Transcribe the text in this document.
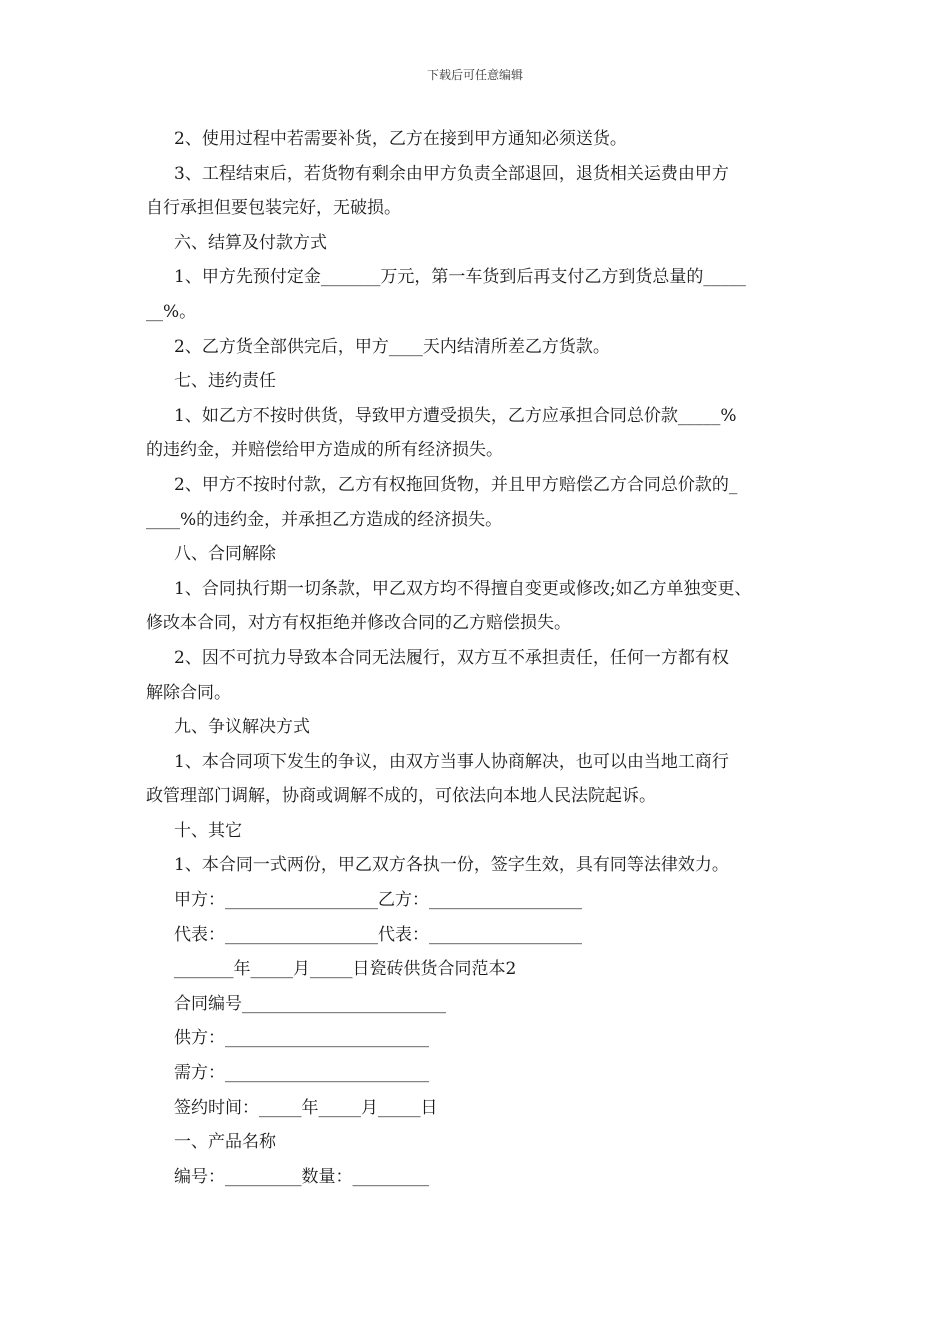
下载后可任意编辑
2、使用过程中若需要补货，乙方在接到甲方通知必须送货。
3、工程结束后，若货物有剩余由甲方负责全部退回，退货相关运费由甲方
自行承担但要包装完好，无破损。
六、结算及付款方式
1、甲方先预付定金_______万元，第一车货到后再支付乙方到货总量的_____
__%。
2、乙方货全部供完后，甲方____天内结清所差乙方货款。
七、违约责任
1、如乙方不按时供货，导致甲方遭受损失，乙方应承担合同总价款_____%
的违约金，并赔偿给甲方造成的所有经济损失。
2、甲方不按时付款，乙方有权拖回货物，并且甲方赔偿乙方合同总价款的_
____%的违约金，并承担乙方造成的经济损失。
八、合同解除
1、合同执行期一切条款，甲乙双方均不得擅自变更或修改;如乙方单独变更、
修改本合同，对方有权拒绝并修改合同的乙方赔偿损失。
2、因不可抗力导致本合同无法履行，双方互不承担责任，任何一方都有权
解除合同。
九、争议解决方式
1、本合同项下发生的争议，由双方当事人协商解决，也可以由当地工商行
政管理部门调解，协商或调解不成的，可依法向本地人民法院起诉。
十、其它
1、本合同一式两份，甲乙双方各执一份，签字生效，具有同等法律效力。
甲方：__________________乙方：__________________
代表：__________________代表：__________________
_______年_____月_____日瓷砖供货合同范本2
合同编号________________________
供方：________________________
需方：________________________
签约时间：_____年_____月_____日
一、产品名称
编号：_________数量：_________
